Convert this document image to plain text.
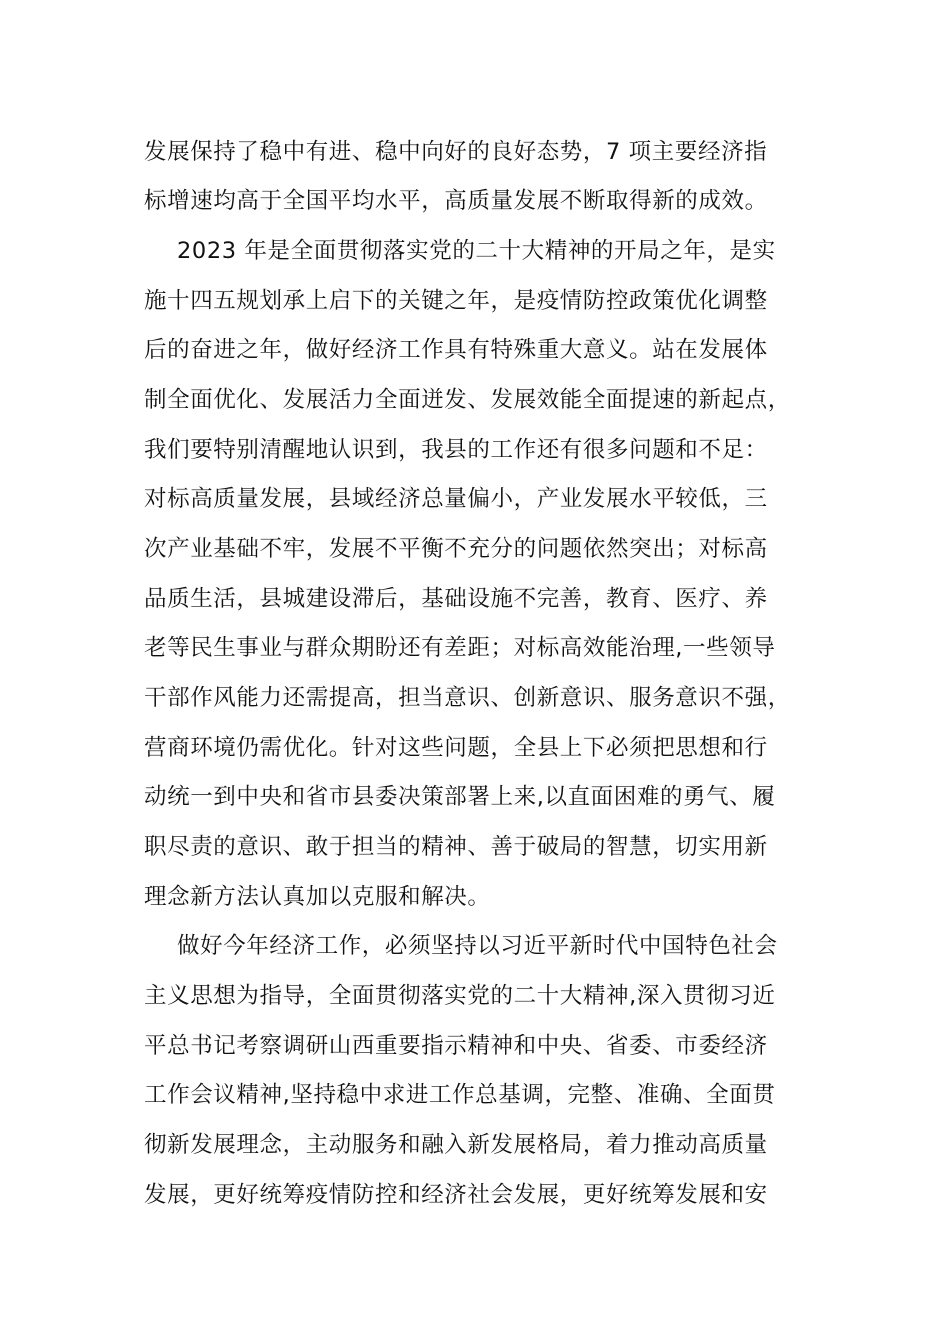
发展保持了稳中有进、稳中向好的良好态势，7 项主要经济指
标增速均高于全国平均水平，高质量发展不断取得新的成效。
2023 年是全面贯彻落实党的二十大精神的开局之年，是实
施十四五规划承上启下的关键之年，是疫情防控政策优化调整
后的奋进之年，做好经济工作具有特殊重大意义。站在发展体
制全面优化、发展活力全面迸发、发展效能全面提速的新起点，
我们要特别清醒地认识到，我县的工作还有很多问题和不足：
对标高质量发展，县域经济总量偏小，产业发展水平较低，三
次产业基础不牢，发展不平衡不充分的问题依然突出；对标高
品质生活，县城建设滞后，基础设施不完善，教育、医疗、养
老等民生事业与群众期盼还有差距；对标高效能治理,一些领导
干部作风能力还需提高，担当意识、创新意识、服务意识不强，
营商环境仍需优化。针对这些问题，全县上下必须把思想和行
动统一到中央和省市县委决策部署上来,以直面困难的勇气、履
职尽责的意识、敢于担当的精神、善于破局的智慧，切实用新
理念新方法认真加以克服和解决。
做好今年经济工作，必须坚持以习近平新时代中国特色社会
主义思想为指导，全面贯彻落实党的二十大精神,深入贯彻习近
平总书记考察调研山西重要指示精神和中央、省委、市委经济
工作会议精神,坚持稳中求进工作总基调，完整、准确、全面贯
彻新发展理念，主动服务和融入新发展格局，着力推动高质量
发展，更好统筹疫情防控和经济社会发展，更好统筹发展和安
